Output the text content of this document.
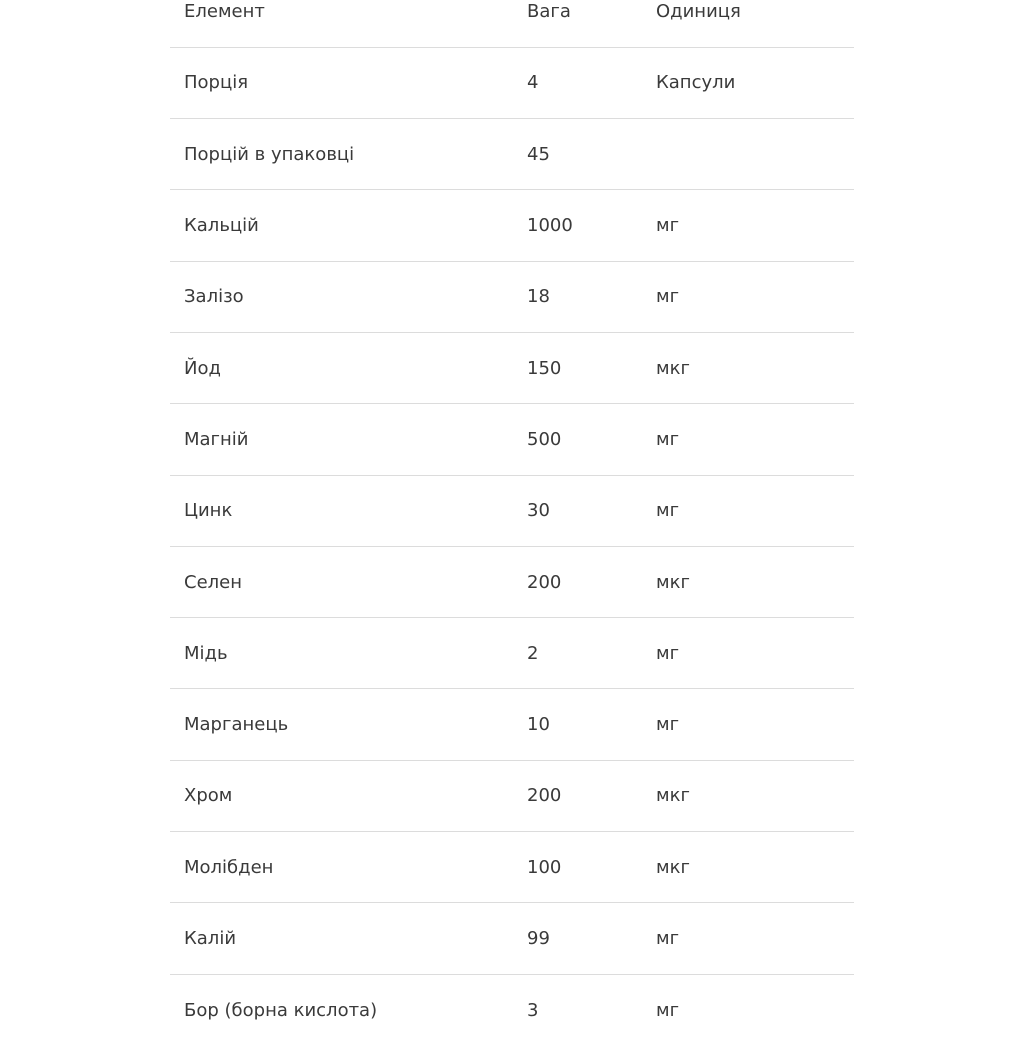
Елемент	Вага	Одиниця
Порція	4	Капсули
Порцій в упаковці	45	
Кальцій	1000	мг
Залізо	18	мг
Йод	150	мкг
Магній	500	мг
Цинк	30	мг
Селен	200	мкг
Мідь	2	мг
Марганець	10	мг
Хром	200	мкг
Молібден	100	мкг
Калій	99	мг
Бор (борна кислота)	3	мг
